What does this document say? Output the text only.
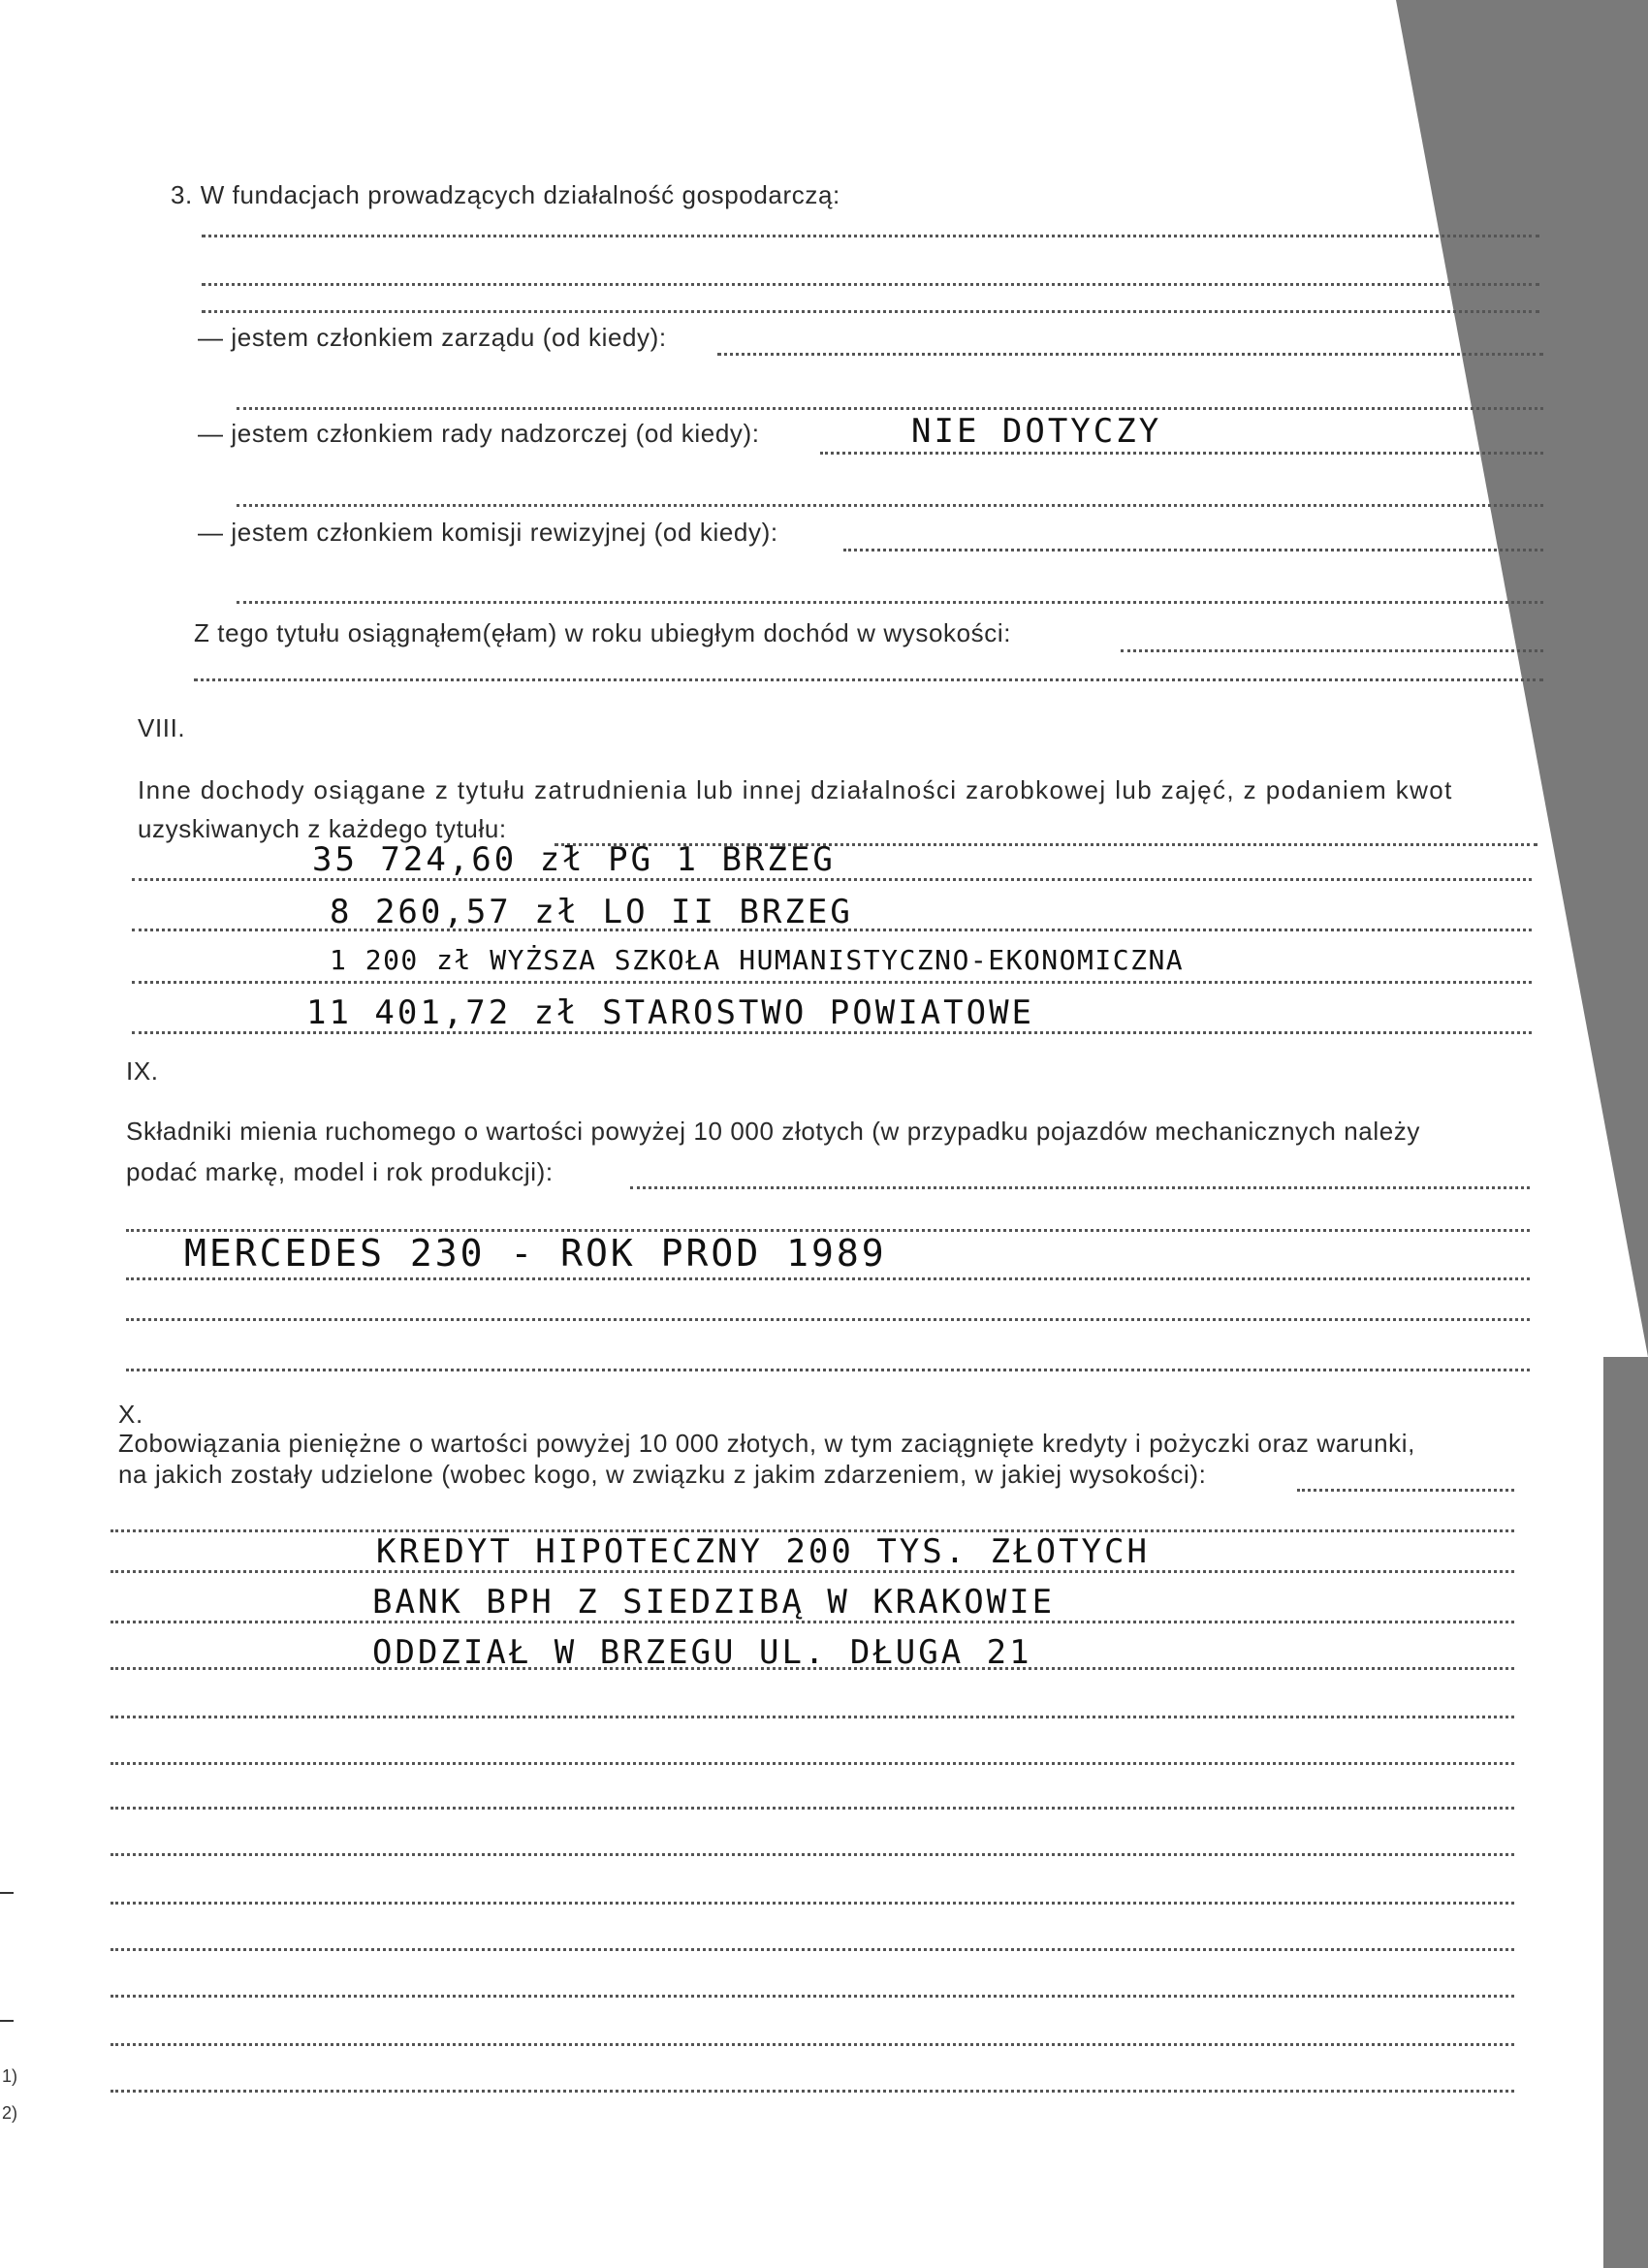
3. W fundacjach prowadzących działalność gospodarczą:
— jestem członkiem zarządu (od kiedy):
— jestem członkiem rady nadzorczej (od kiedy):	NIE DOTYCZY
— jestem członkiem komisji rewizyjnej (od kiedy):
Z tego tytułu osiągnąłem(ęłam) w roku ubiegłym dochód w wysokości:
VIII.
Inne dochody osiągane z tytułu zatrudnienia lub innej działalności zarobkowej lub zajęć, z podaniem kwot
uzyskiwanych z każdego tytułu:
35 724,60 zł PG 1 BRZEG
8 260,57 zł LO II BRZEG
1 200 zł WYŻSZA SZKOŁA HUMANISTYCZNO-EKONOMICZNA
11 401,72 zł STAROSTWO POWIATOWE
IX.
Składniki mienia ruchomego o wartości powyżej 10 000 złotych (w przypadku pojazdów mechanicznych należy
podać markę, model i rok produkcji):
MERCEDES 230 - ROK PROD 1989
X.
Zobowiązania pieniężne o wartości powyżej 10 000 złotych, w tym zaciągnięte kredyty i pożyczki oraz warunki,
na jakich zostały udzielone (wobec kogo, w związku z jakim zdarzeniem, w jakiej wysokości):
KREDYT HIPOTECZNY 200 TYS. ZŁOTYCH
BANK BPH Z SIEDZIBĄ W KRAKOWIE
ODDZIAŁ W BRZEGU UL. DŁUGA 21
1)
2)
